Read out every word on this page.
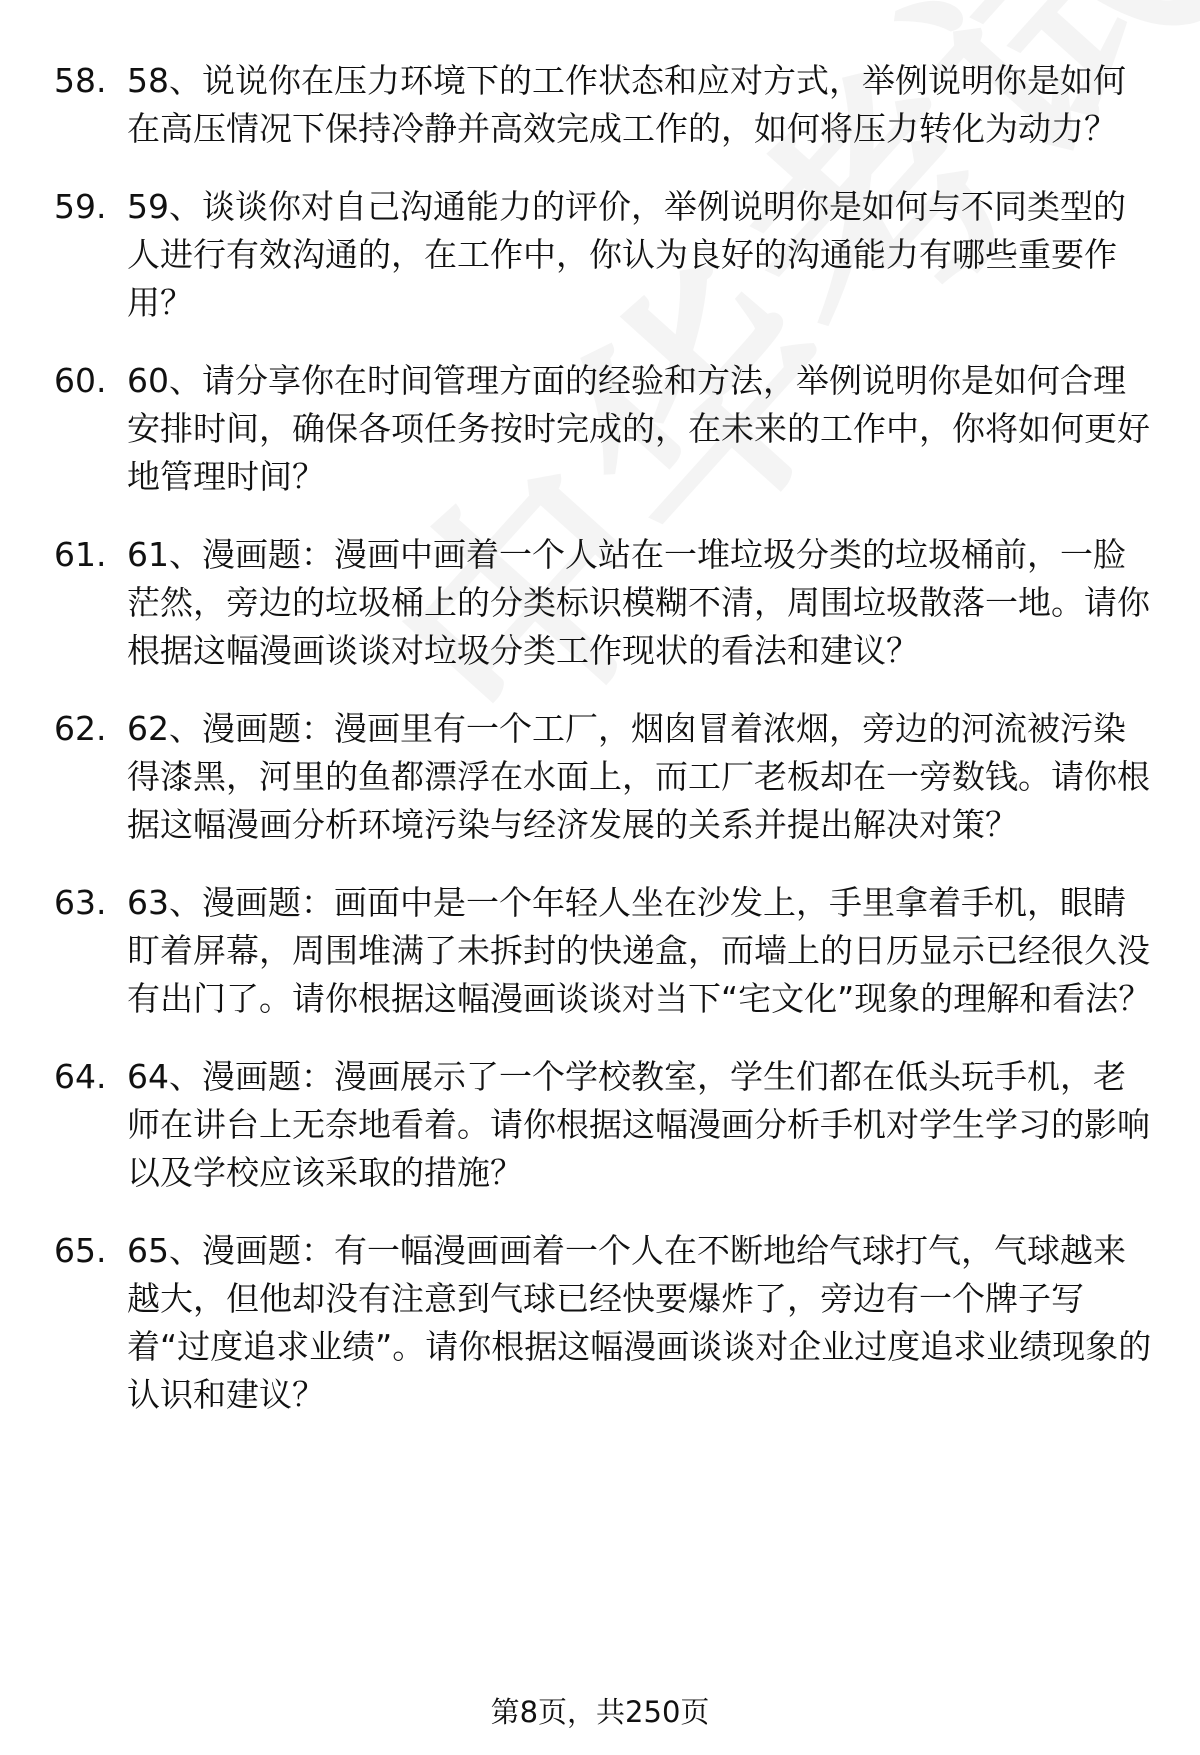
58. 58、说说你在压力环境下的工作状态和应对方式，举例说明你是如何在高压情况下保持冷静并高效完成工作的，如何将压力转化为动力？
59. 59、谈谈你对自己沟通能力的评价，举例说明你是如何与不同类型的人进行有效沟通的，在工作中，你认为良好的沟通能力有哪些重要作用？
60. 60、请分享你在时间管理方面的经验和方法，举例说明你是如何合理安排时间，确保各项任务按时完成的，在未来的工作中，你将如何更好地管理时间？
61. 61、漫画题：漫画中画着一个人站在一堆垃圾分类的垃圾桶前，一脸茫然，旁边的垃圾桶上的分类标识模糊不清，周围垃圾散落一地。请你根据这幅漫画谈谈对垃圾分类工作现状的看法和建议？
62. 62、漫画题：漫画里有一个工厂，烟囱冒着浓烟，旁边的河流被污染得漆黑，河里的鱼都漂浮在水面上，而工厂老板却在一旁数钱。请你根据这幅漫画分析环境污染与经济发展的关系并提出解决对策？
63. 63、漫画题：画面中是一个年轻人坐在沙发上，手里拿着手机，眼睛盯着屏幕，周围堆满了未拆封的快递盒，而墙上的日历显示已经很久没有出门了。请你根据这幅漫画谈谈对当下“宅文化”现象的理解和看法？
64. 64、漫画题：漫画展示了一个学校教室，学生们都在低头玩手机，老师在讲台上无奈地看着。请你根据这幅漫画分析手机对学生学习的影响以及学校应该采取的措施？
65. 65、漫画题：有一幅漫画画着一个人在不断地给气球打气，气球越来越大，但他却没有注意到气球已经快要爆炸了，旁边有一个牌子写着“过度追求业绩”。请你根据这幅漫画谈谈对企业过度追求业绩现象的认识和建议？
第8页，共250页
